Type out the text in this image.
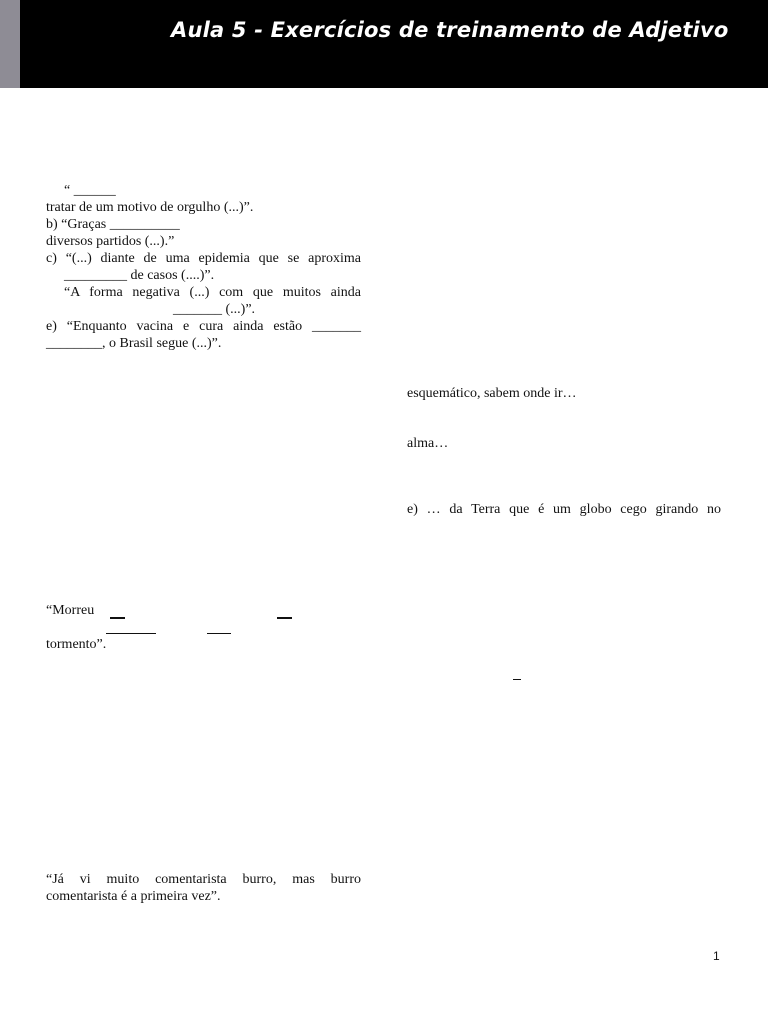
Aula 5 - Exercícios de treinamento de Adjetivo
“ ______
tratar de um motivo de orgulho (...)”.
b) “Graças __________
diversos partidos (...).”
c) “(...) diante de uma epidemia que se aproxima
_________ de casos (....)”.
“A forma negativa (...) com que muitos ainda
_______ (...)”.
e) “Enquanto vacina e cura ainda estão _______
________, o Brasil segue (...)”.
“Morreu
tormento”.
“Já vi muito comentarista burro, mas burro
comentarista é a primeira vez”.
esquemático, sabem onde ir…
alma…
e) … da Terra que é um globo cego girando no
1
